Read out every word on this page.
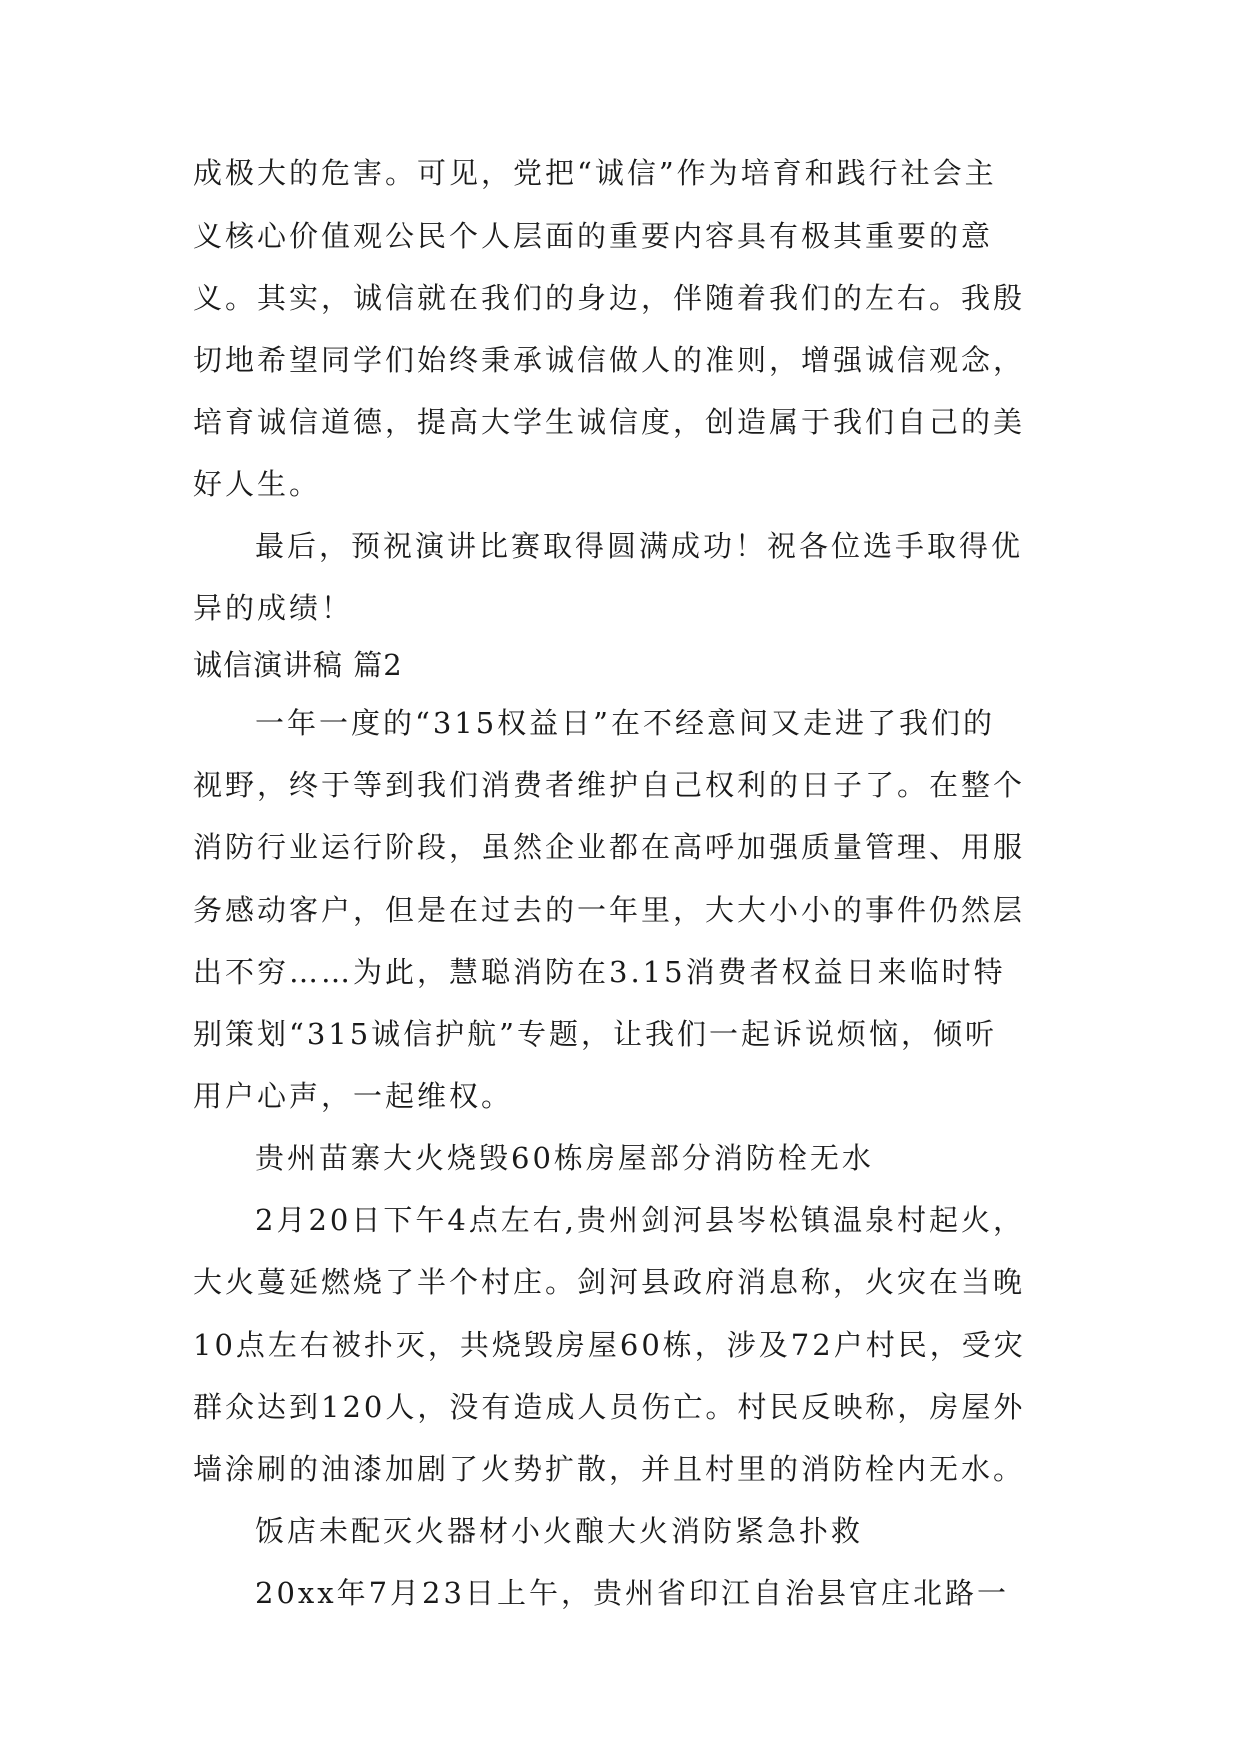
成极大的危害。可见，党把“诚信”作为培育和践行社会主
义核心价值观公民个人层面的重要内容具有极其重要的意
义。其实，诚信就在我们的身边，伴随着我们的左右。我殷
切地希望同学们始终秉承诚信做人的准则，增强诚信观念，
培育诚信道德，提高大学生诚信度，创造属于我们自己的美
好人生。
最后，预祝演讲比赛取得圆满成功！祝各位选手取得优
异的成绩！
诚信演讲稿 篇2
一年一度的“315权益日”在不经意间又走进了我们的
视野，终于等到我们消费者维护自己权利的日子了。在整个
消防行业运行阶段，虽然企业都在高呼加强质量管理、用服
务感动客户，但是在过去的一年里，大大小小的事件仍然层
出不穷……为此，慧聪消防在3.15消费者权益日来临时特
别策划“315诚信护航”专题，让我们一起诉说烦恼，倾听
用户心声，一起维权。
贵州苗寨大火烧毁60栋房屋部分消防栓无水
2月20日下午4点左右,贵州剑河县岑松镇温泉村起火，
大火蔓延燃烧了半个村庄。剑河县政府消息称，火灾在当晚
10点左右被扑灭，共烧毁房屋60栋，涉及72户村民，受灾
群众达到120人，没有造成人员伤亡。村民反映称，房屋外
墙涂刷的油漆加剧了火势扩散，并且村里的消防栓内无水。
饭店未配灭火器材小火酿大火消防紧急扑救
20xx年7月23日上午，贵州省印江自治县官庄北路一
